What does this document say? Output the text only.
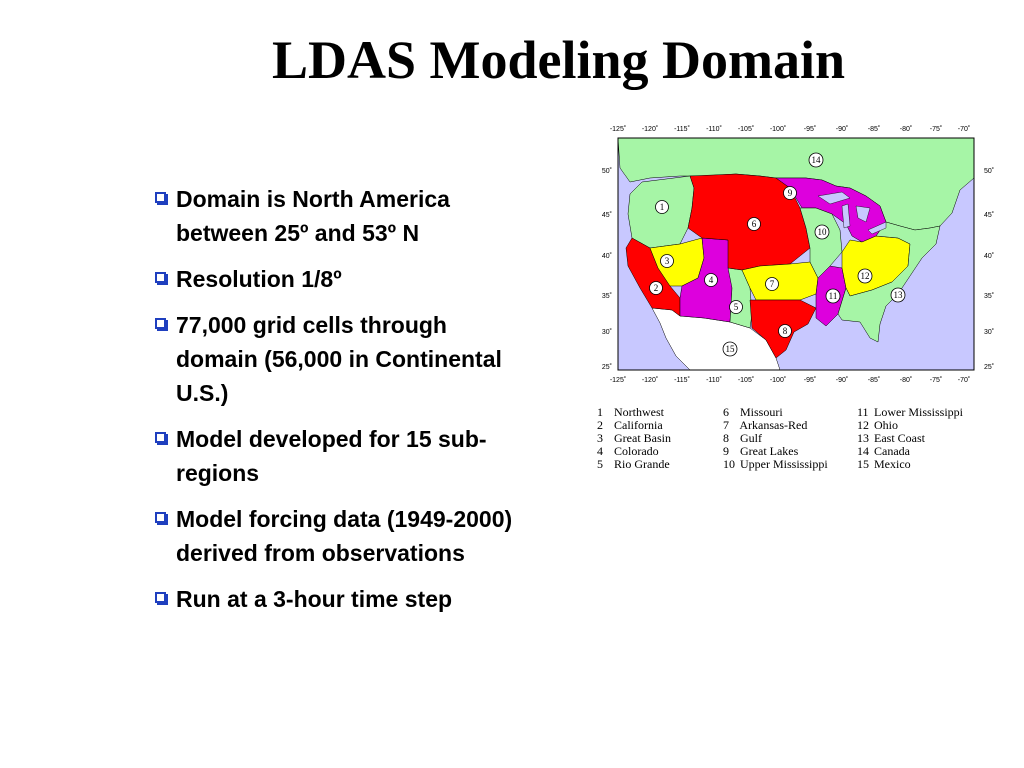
LDAS Modeling Domain
Domain is North America between 25º and 53º N
Resolution 1/8º
77,000 grid cells through domain (56,000 in Continental U.S.)
Model developed for 15 sub-regions
Model forcing data (1949-2000) derived from observations
Run at a 3-hour time step
-125˚ -120˚ -115˚ -110˚ -105˚ -100˚	-95˚	-90˚	-85˚	-80˚	-75˚ -70˚
-125˚ -120˚ -115˚ -110˚ -105˚ -100˚	-95˚	-90˚	-85˚	-80˚	-75˚ -70˚
50˚
45˚
40˚
35˚
30˚
25˚
50˚
45˚
40˚
35˚
30˚
25˚
1
2
3
4
5
6
7
8
9
10
11
12
13
14
15
1 Northwest
2 California
3 Great Basin
4 Colorado
5 Rio Grande
6 Missouri
7 Arkansas-Red
8 Gulf
9 Great Lakes
10 Upper Mississippi
11 Lower Mississippi
12 Ohio
13 East Coast
14 Canada
15 Mexico
